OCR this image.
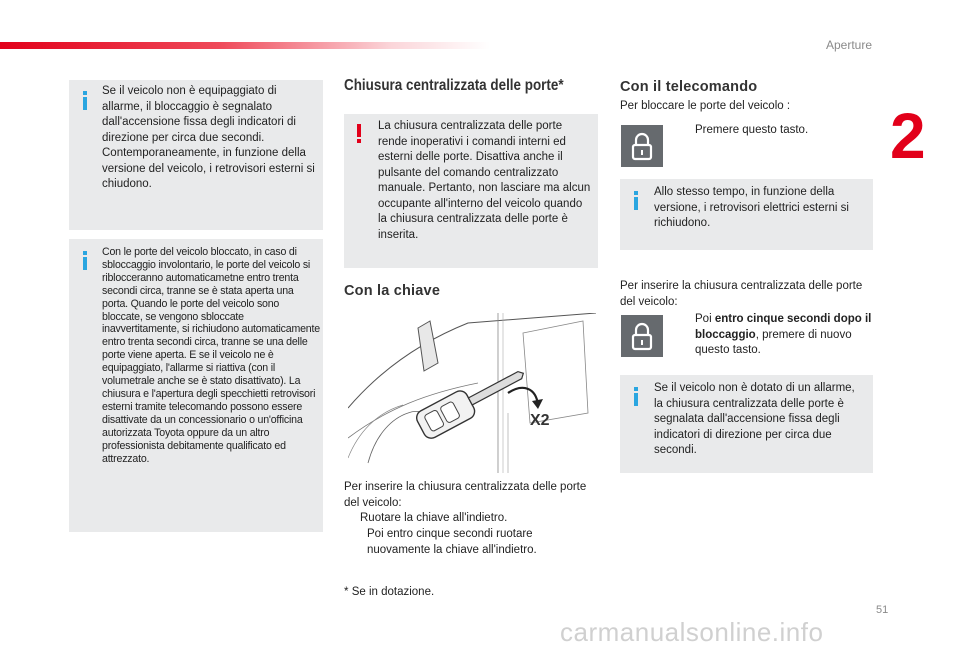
Aperture
2
Se il veicolo non è equipaggiato di allarme, il bloccaggio è segnalato dall'accensione fissa degli indicatori di direzione per circa due secondi. Contemporaneamente, in funzione della versione del veicolo, i retrovisori esterni si chiudono.
Con le porte del veicolo bloccato, in caso di sbloccaggio involontario, le porte del veicolo si riblocceranno automaticametne entro trenta secondi circa, tranne se è stata aperta una porta. Quando le porte del veicolo sono bloccate, se vengono sbloccate inavvertitamente, si richiudono automaticamente entro trenta secondi circa, tranne se una delle porte viene aperta. E se il veicolo ne è equipaggiato, l'allarme si riattiva (con il volumetrale anche se è stato disattivato). La chiusura e l'apertura degli specchietti retrovisori esterni tramite telecomando possono essere disattivate da un concessionario o un'officina autorizzata Toyota oppure da un altro professionista debitamente qualificato ed attrezzato.
Chiusura centralizzata delle porte*
La chiusura centralizzata delle porte rende inoperativi i comandi interni ed esterni delle porte. Disattiva anche il pulsante del comando centralizzato manuale. Pertanto, non lasciare ma alcun occupante all'interno del veicolo quando la chiusura centralizzata delle porte è inserita.
Con la chiave
X2
Per inserire la chiusura centralizzata delle porte del veicolo:
Ruotare la chiave all'indietro.
Poi entro cinque secondi ruotare nuovamente la chiave all'indietro.
* Se in dotazione.
Con il telecomando
Per bloccare le porte del veicolo :
Premere questo tasto.
Allo stesso tempo, in funzione della versione, i retrovisori elettrici esterni si richiudono.
Per inserire la chiusura centralizzata delle porte del veicolo:
Poi entro cinque secondi dopo il bloccaggio, premere di nuovo questo tasto.
Se il veicolo non è dotato di un allarme, la chiusura centralizzata delle porte è segnalata dall'accensione fissa degli indicatori di direzione per circa due secondi.
51
carmanualsonline.info
